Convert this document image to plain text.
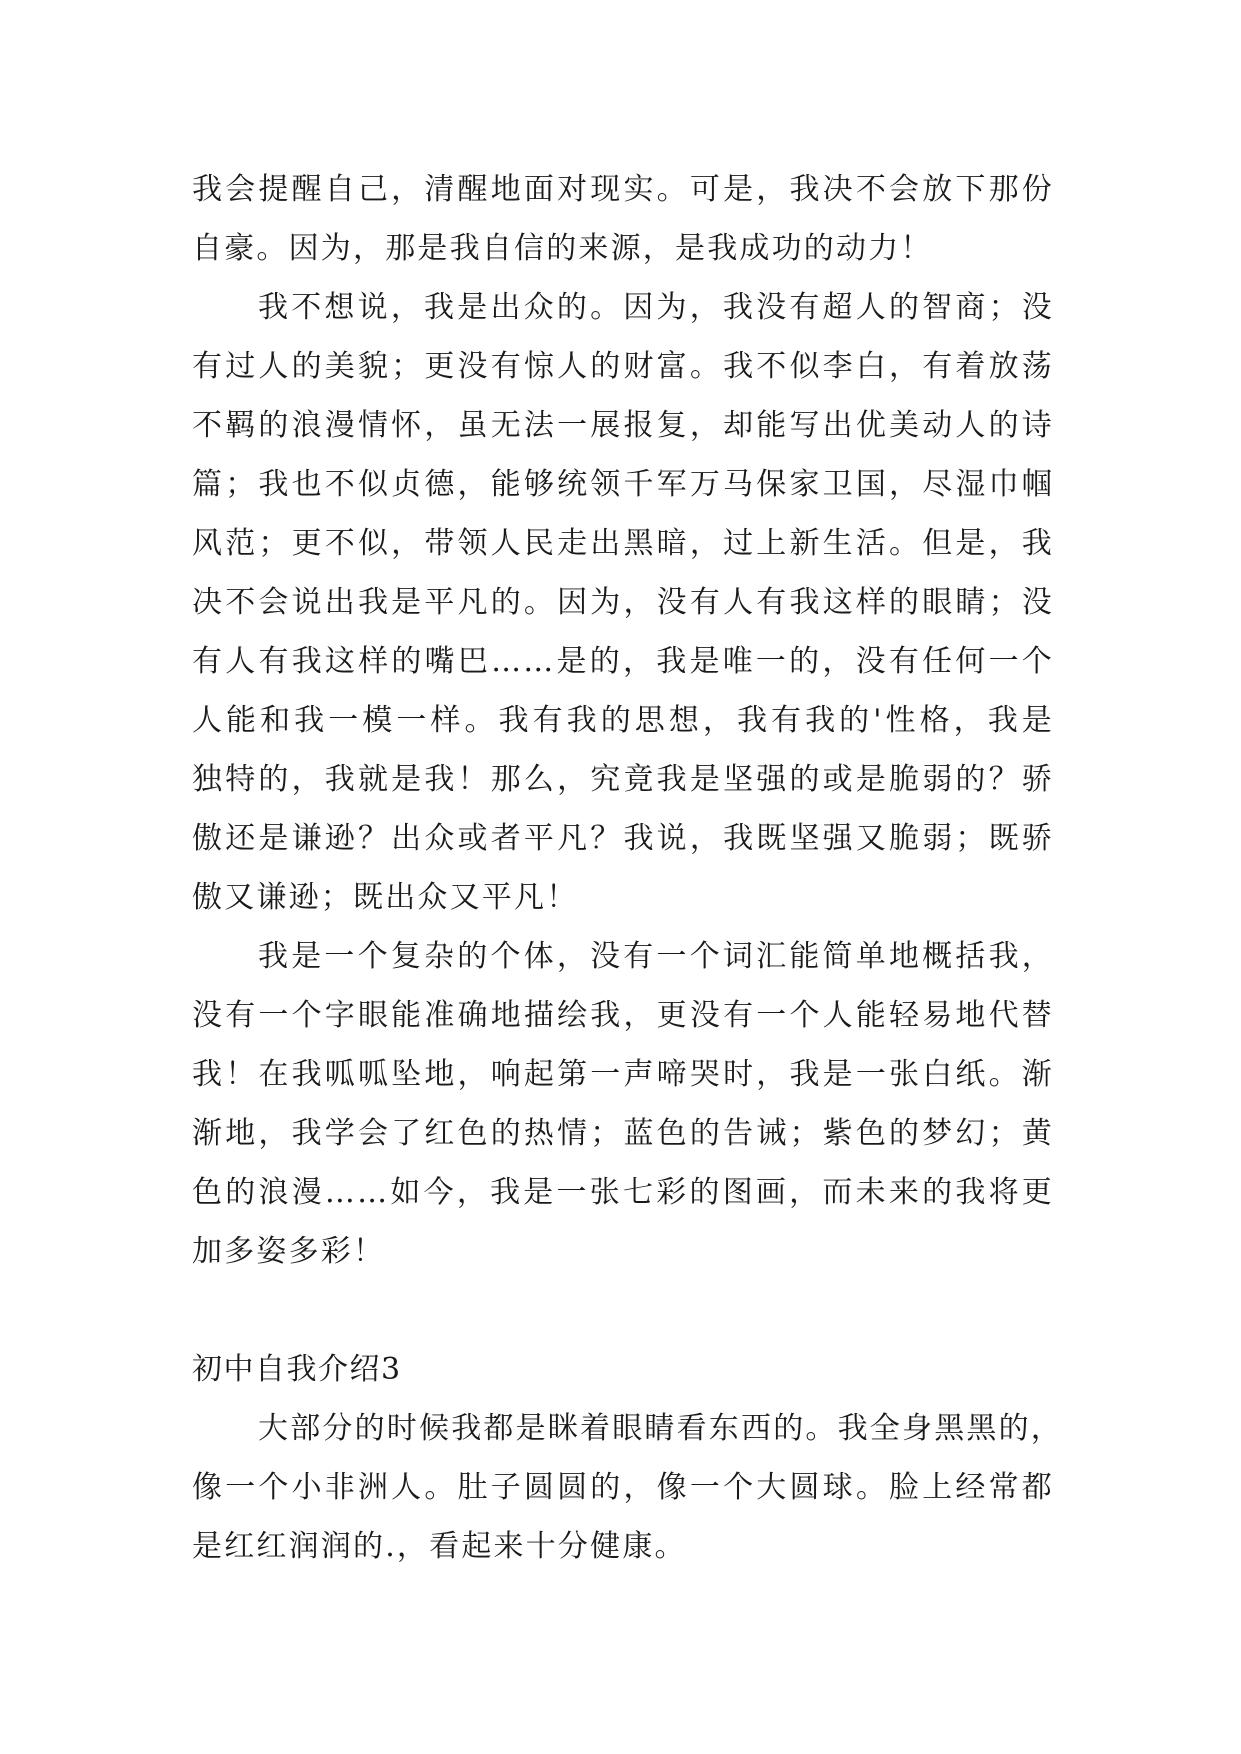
我会提醒自己，清醒地面对现实。可是，我决不会放下那份
自豪。因为，那是我自信的来源，是我成功的动力！
我不想说，我是出众的。因为，我没有超人的智商；没
有过人的美貌；更没有惊人的财富。我不似李白，有着放荡
不羁的浪漫情怀，虽无法一展报复，却能写出优美动人的诗
篇；我也不似贞德，能够统领千军万马保家卫国，尽湿巾帼
风范；更不似，带领人民走出黑暗，过上新生活。但是，我
决不会说出我是平凡的。因为，没有人有我这样的眼睛；没
有人有我这样的嘴巴……是的，我是唯一的，没有任何一个
人能和我一模一样。我有我的思想，我有我的'性格，我是
独特的，我就是我！那么，究竟我是坚强的或是脆弱的？骄
傲还是谦逊？出众或者平凡？我说，我既坚强又脆弱；既骄
傲又谦逊；既出众又平凡！
我是一个复杂的个体，没有一个词汇能简单地概括我，
没有一个字眼能准确地描绘我，更没有一个人能轻易地代替
我！在我呱呱坠地，响起第一声啼哭时，我是一张白纸。渐
渐地，我学会了红色的热情；蓝色的告诫；紫色的梦幻；黄
色的浪漫……如今，我是一张七彩的图画，而未来的我将更
加多姿多彩！
初中自我介绍3
大部分的时候我都是眯着眼睛看东西的。我全身黑黑的，
像一个小非洲人。肚子圆圆的，像一个大圆球。脸上经常都
是红红润润的.，看起来十分健康。
